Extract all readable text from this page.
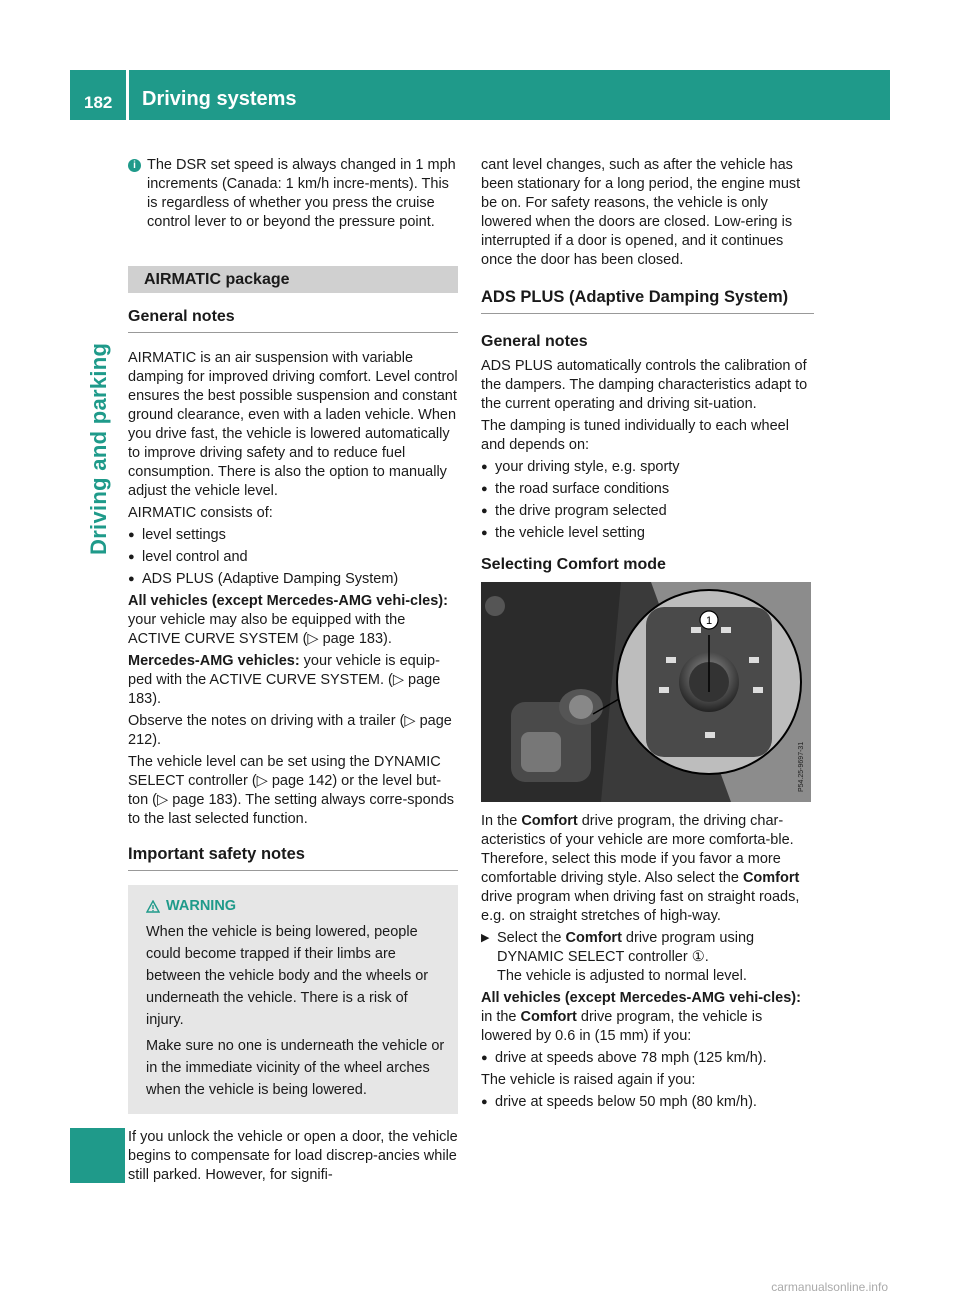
182 Driving systems
Driving and parking
i The DSR set speed is always changed in 1 mph increments (Canada: 1 km/h incre-ments). This is regardless of whether you press the cruise control lever to or beyond the pressure point.
AIRMATIC package
General notes

AIRMATIC is an air suspension with variable damping for improved driving comfort. Level control ensures the best possible suspension and constant ground clearance, even with a laden vehicle. When you drive fast, the vehicle is lowered automatically to improve driving safety and to reduce fuel consumption. There is also the option to manually adjust the vehicle level.

AIRMATIC consists of:

● level settings
● level control and
● ADS PLUS (Adaptive Damping System)

All vehicles (except Mercedes-AMG vehi-cles): your vehicle may also be equipped with the ACTIVE CURVE SYSTEM (▷ page 183).

Mercedes-AMG vehicles: your vehicle is equip-ped with the ACTIVE CURVE SYSTEM. (▷ page 183).

Observe the notes on driving with a trailer (▷ page 212).

The vehicle level can be set using the DYNAMIC SELECT controller (▷ page 142) or the level but-ton (▷ page 183). The setting always corre-sponds to the last selected function.

Important safety notes
WARNING

When the vehicle is being lowered, people could become trapped if their limbs are between the vehicle body and the wheels or underneath the vehicle. There is a risk of injury.

Make sure no one is underneath the vehicle or in the immediate vicinity of the wheel arches when the vehicle is being lowered.

If you unlock the vehicle or open a door, the vehicle begins to compensate for load discrep-ancies while still parked. However, for signifi-

cant level changes, such as after the vehicle has been stationary for a long period, the engine must be on. For safety reasons, the vehicle is only lowered when the doors are closed. Low-ering is interrupted if a door is opened, and it continues once the door has been closed.

ADS PLUS (Adaptive Damping System)
General notes

ADS PLUS automatically controls the calibration of the dampers. The damping characteristics adapt to the current operating and driving sit-uation.

The damping is tuned individually to each wheel and depends on:

● your driving style, e.g. sporty
● the road surface conditions
● the drive program selected
● the vehicle level setting
Selecting Comfort mode
1
P54.25-9697-31

In the Comfort drive program, the driving char-acteristics of your vehicle are more comforta-ble. Therefore, select this mode if you favor a more comfortable driving style. Also select the Comfort drive program when driving fast on straight roads, e.g. on straight stretches of high-way.

▶ Select the Comfort drive program using DYNAMIC SELECT controller ①.
The vehicle is adjusted to normal level.

All vehicles (except Mercedes-AMG vehi-cles): in the Comfort drive program, the vehicle is lowered by 0.6 in (15 mm) if you:

● drive at speeds above 78 mph (125 km/h).

The vehicle is raised again if you:

● drive at speeds below 50 mph (80 km/h).
carmanualsonline.info
